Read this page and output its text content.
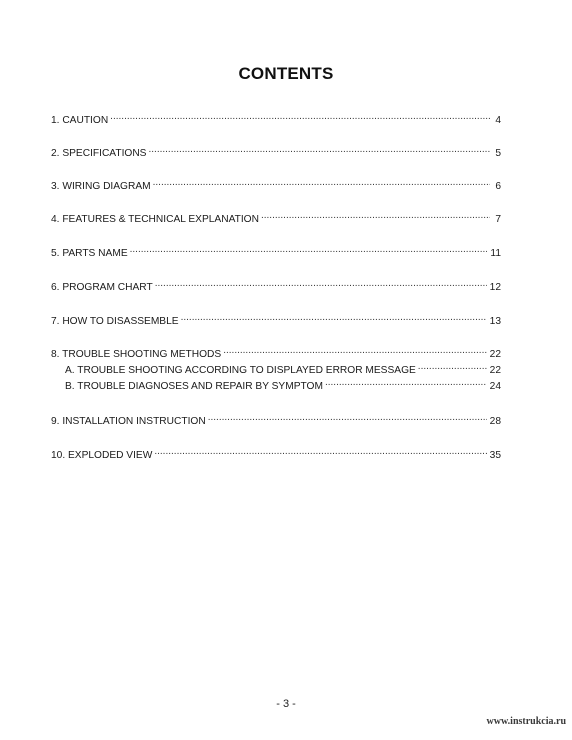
CONTENTS
1. CAUTION .....	4
2. SPECIFICATIONS .....	5
3. WIRING DIAGRAM .....	6
4. FEATURES & TECHNICAL EXPLANATION .....	7
5. PARTS NAME .....	11
6. PROGRAM CHART .....	12
7. HOW TO DISASSEMBLE .....	13
8. TROUBLE SHOOTING METHODS .....	22
A. TROUBLE SHOOTING ACCORDING TO DISPLAYED ERROR MESSAGE .....	22
B. TROUBLE DIAGNOSES AND REPAIR BY SYMPTOM .....	24
9. INSTALLATION INSTRUCTION .....	28
10. EXPLODED VIEW .....	35
- 3 -
www.instrukcia.ru
